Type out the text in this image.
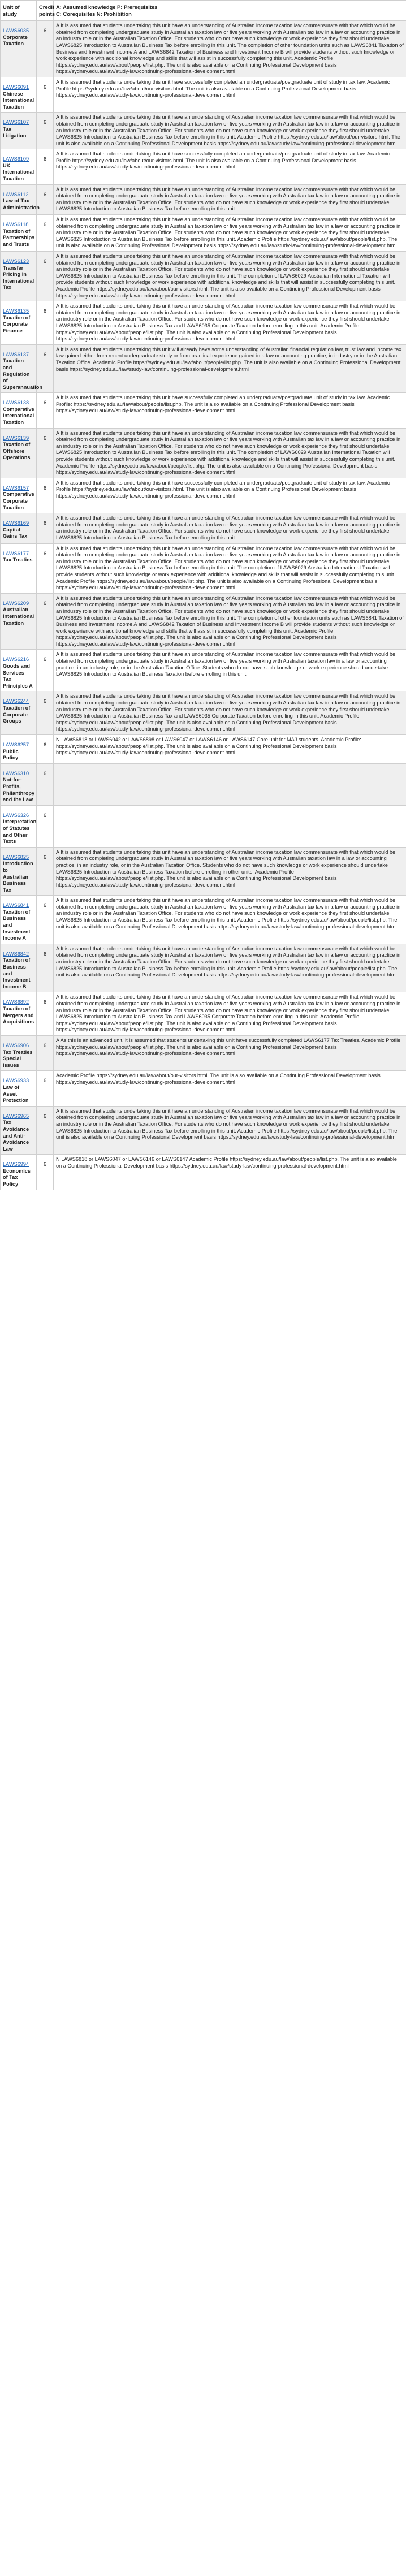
Unit of study	Credit points	A: Assumed knowledge P: Prerequisites
C: Corequisites N: Prohibition

LAWS6035
Corporate Taxation	6	A It is assumed that students undertaking this unit have an understanding of Australian income taxation law commensurate with that which would be obtained from completing undergraduate study in Australian taxation law or five years working with Australian tax law in a law or accounting practice in an industry role or in the Australian Taxation Office. For students who do not have such knowledge or work experience they first should undertake LAWS6825 Introduction to Australian Business Tax before enrolling in this unit. The completion of other foundation units such as LAWS6841 Taxation of Business and Investment Income A and LAWS6842 Taxation of Business and Investment Income B will provide students without such knowledge or work experience with additional knowledge and skills that will assist in successfully completing this unit. Academic Profile: https://sydney.edu.au/law/about/people/list.php. The unit is also available on a Continuing Professional Development basis https://sydney.edu.au/law/study-law/continuing-professional-development.html

LAWS6091
Chinese International Taxation	6	A It is assumed that students undertaking this unit have successfully completed an undergraduate/postgraduate unit of study in tax law. Academic Profile https://sydney.edu.au/law/about/our-visitors.html. The unit is also available on a Continuing Professional Development basis https://sydney.edu.au/law/study-law/continuing-professional-development.html

LAWS6107
Tax Litigation	6	A It is assumed that students undertaking this unit have an understanding of Australian income taxation law commensurate with that which would be obtained from completing undergraduate study in Australian taxation law or five years working with Australian tax law in a law or accounting practice in an industry role or in the Australian Taxation Office. For students who do not have such knowledge or work experience they first should undertake LAWS6825 Introduction to Australian Business Tax before enrolling in this unit. Academic Profile https://sydney.edu.au/law/about/our-visitors.html. The unit is also available on a Continuing Professional Development basis https://sydney.edu.au/law/study-law/continuing-professional-development.html

LAWS6109
UK International Taxation	6	A It is assumed that students undertaking this unit have successfully completed an undergraduate/postgraduate unit of study in tax law. Academic Profile https://sydney.edu.au/law/about/our-visitors.html. The unit is also available on a Continuing Professional Development basis https://sydney.edu.au/law/study-law/continuing-professional-development.html

LAWS6112
Law of Tax Administration	6	A It is assumed that students undertaking this unit have an understanding of Australian income taxation law commensurate with that which would be obtained from completing undergraduate study in Australian taxation law or five years working with Australian tax law in a law or accounting practice in an industry role or in the Australian Taxation Office. For students who do not have such knowledge or work experience they first should undertake LAWS6825 Introduction to Australian Business Tax before enrolling in this unit.

LAWS6118
Taxation of Partnerships and Trusts	6	A It is assumed that students undertaking this unit have an understanding of Australian income taxation law commensurate with that which would be obtained from completing undergraduate study in Australian taxation law or five years working with Australian tax law in a law or accounting practice in an industry role or in the Australian Taxation Office. For students who do not have such knowledge or work experience they first should undertake LAWS6825 Introduction to Australian Business Tax before enrolling in this unit. Academic Profile https://sydney.edu.au/law/about/people/list.php. The unit is also available on a Continuing Professional Development basis https://sydney.edu.au/law/study-law/continuing-professional-development.html

LAWS6123
Transfer Pricing in International Tax	6	A It is assumed that students undertaking this unit have an understanding of Australian income taxation law commensurate with that which would be obtained from completing undergraduate study in Australian taxation law or five years working with Australian tax law in a law or accounting practice in an industry role or in the Australian Taxation Office. For students who do not have such knowledge or work experience they first should undertake LAWS6825 Introduction to Australian Business Tax before enrolling in this unit. The completion of LAWS6029 Australian International Taxation will provide students without such knowledge or work experience with additional knowledge and skills that will assist in successfully completing this unit. Academic Profile https://sydney.edu.au/law/about/our-visitors.html. The unit is also available on a Continuing Professional Development basis https://sydney.edu.au/law/study-law/continuing-professional-development.html

LAWS6135
Taxation of Corporate Finance	6	A It is assumed that students undertaking this unit have an understanding of Australian income taxation law commensurate with that which would be obtained from completing undergraduate study in Australian taxation law or five years working with Australian tax law in a law or accounting practice in an industry role or in the Australian Taxation Office. For students who do not have such knowledge or work experience they first should undertake LAWS6825 Introduction to Australian Business Tax and LAWS6035 Corporate Taxation before enrolling in this unit. Academic Profile https://sydney.edu.au/law/about/people/list.php. The unit is also available on a Continuing Professional Development basis https://sydney.edu.au/law/study-law/continuing-professional-development.html

LAWS6137
Taxation and Regulation of Superannuation	6	A It is assumed that students undertaking this unit will already have some understanding of Australian financial regulation law, trust law and income tax law gained either from recent undergraduate study or from practical experience gained in a law or accounting practice, in industry or in the Australian Taxation Office. Academic Profile https://sydney.edu.au/law/about/people/list.php. The unit is also available on a Continuing Professional Development basis https://sydney.edu.au/law/study-law/continuing-professional-development.html

LAWS6138
Comparative International Taxation	6	A It is assumed that students undertaking this unit have successfully completed an undergraduate/postgraduate unit of study in tax law. Academic Profile: https://sydney.edu.au/law/about/people/list.php. The unit is also available on a Continuing Professional Development basis https://sydney.edu.au/law/study-law/continuing-professional-development.html

LAWS6139
Taxation of Offshore Operations	6	A It is assumed that students undertaking this unit have an understanding of Australian income taxation law commensurate with that which would be obtained from completing undergraduate study in Australian taxation law or five years working with Australian tax law in a law or accounting practice in an industry role or in the Australian Taxation Office. For students who do not have such knowledge or work experience they first should undertake LAWS6825 Introduction to Australian Business Tax before enrolling in this unit. The completion of LAWS6029 Australian International Taxation will provide students without such knowledge or work experience with additional knowledge and skills that will assist in successfully completing this unit. Academic Profile https://sydney.edu.au/law/about/people/list.php. The unit is also available on a Continuing Professional Development basis https://sydney.edu.au/law/study-law/continuing-professional-development.html

LAWS6157
Comparative Corporate Taxation	6	A It is assumed that students undertaking this unit have successfully completed an undergraduate/postgraduate unit of study in tax law. Academic Profile https://sydney.edu.au/law/about/our-visitors.html. The unit is also available on a Continuing Professional Development basis https://sydney.edu.au/law/study-law/continuing-professional-development.html

LAWS6169
Capital Gains Tax	6	A It is assumed that students undertaking this unit have an understanding of Australian income taxation law commensurate with that which would be obtained from completing undergraduate study in Australian taxation law or five years working with Australian tax law in a law or accounting practice in an industry role or in the Australian Taxation Office. For students who do not have such knowledge or work experience they first should undertake LAWS6825 Introduction to Australian Business Tax before enrolling in this unit.

LAWS6177
Tax Treaties	6	A It is assumed that students undertaking this unit have an understanding of Australian income taxation law commensurate with that which would be obtained from completing undergraduate study in Australian taxation law or five years working with Australian tax law in a law or accounting practice in an industry role or in the Australian Taxation Office. For students who do not have such knowledge or work experience they first should undertake LAWS6825 Introduction to Australian Business Tax before enrolling in this unit. The completion of LAWS6029 Australian International Taxation will provide students without such knowledge or work experience with additional knowledge and skills that will assist in successfully completing this unit. Academic Profile https://sydney.edu.au/law/about/people/list.php. The unit is also available on a Continuing Professional Development basis https://sydney.edu.au/law/study-law/continuing-professional-development.html

LAWS6209
Australian International Taxation	6	A It is assumed that students undertaking this unit have an understanding of Australian income taxation law commensurate with that which would be obtained from completing undergraduate study in Australian taxation law or five years working with Australian tax law in a law or accounting practice in an industry role or in the Australian Taxation Office. For students who do not have such knowledge or work experience they first should undertake LAWS6825 Introduction to Australian Business Tax before enrolling in this unit. The completion of other foundation units such as LAWS6841 Taxation of Business and Investment Income A and LAWS6842 Taxation of Business and Investment Income B will provide students without such knowledge or work experience with additional knowledge and skills that will assist in successfully completing this unit. Academic Profile https://sydney.edu.au/law/about/people/list.php. The unit is also available on a Continuing Professional Development basis https://sydney.edu.au/law/study-law/continuing-professional-development.html

LAWS6216
Goods and Services Tax Principles A	6	A It is assumed that students undertaking this unit have an understanding of Australian income taxation law commensurate with that which would be obtained from completing undergraduate study in Australian taxation law or five years working with Australian taxation law in a law or accounting practice, in an industry role, or in the Australian Taxation Office. Students who do not have such knowledge or work experience should undertake LAWS6825 Introduction to Australian Business Taxation before enrolling in this unit.

LAWS6244
Taxation of Corporate Groups	6	A It is assumed that students undertaking this unit have an understanding of Australian income taxation law commensurate with that which would be obtained from completing undergraduate study in Australian taxation law or five years working with Australian tax law in a law or accounting practice in an industry role or in the Australian Taxation Office. For students who do not have such knowledge or work experience they first should undertake LAWS6825 Introduction to Australian Business Tax and LAWS6035 Corporate Taxation before enrolling in this unit. Academic Profile https://sydney.edu.au/law/about/people/list.php. The unit is also available on a Continuing Professional Development basis https://sydney.edu.au/law/study-law/continuing-professional-development.html

LAWS6257
Public Policy	6	N LAWS6818 or LAWS6042 or LAWS6898 or LAWS6047 or LAWS6146 or LAWS6147 Core unit for MAJ students. Academic Profile: https://sydney.edu.au/law/about/people/list.php. The unit is also available on a Continuing Professional Development basis https://sydney.edu.au/law/study-law/continuing-professional-development.html

LAWS6310
Not-for-Profits, Philanthropy and the Law	6	

LAWS6326
Interpretation of Statutes and Other Texts	6	

LAWS6825
Introduction to Australian Business Tax	6	A It is assumed that students undertaking this unit have an understanding of Australian income taxation law commensurate with that which would be obtained from completing undergraduate study in Australian taxation law or five years working with Australian taxation law in a law or accounting practice, in an industry role, or in the Australian Taxation Office. Students who do not have such knowledge or work experience should undertake LAWS6825 Introduction to Australian Business Taxation before enrolling in other units. Academic Profile https://sydney.edu.au/law/about/people/list.php. The unit is also available on a Continuing Professional Development basis https://sydney.edu.au/law/study-law/continuing-professional-development.html

LAWS6841
Taxation of Business and Investment Income A	6	A It is assumed that students undertaking this unit have an understanding of Australian income taxation law commensurate with that which would be obtained from completing undergraduate study in Australian taxation law or five years working with Australian tax law in a law or accounting practice in an industry role or in the Australian Taxation Office. For students who do not have such knowledge or work experience they first should undertake LAWS6825 Introduction to Australian Business Tax before enrolling in this unit. Academic Profile https://sydney.edu.au/law/about/people/list.php. The unit is also available on a Continuing Professional Development basis https://sydney.edu.au/law/study-law/continuing-professional-development.html

LAWS6842
Taxation of Business and Investment Income B	6	A It is assumed that students undertaking this unit have an understanding of Australian income taxation law commensurate with that which would be obtained from completing undergraduate study in Australian taxation law or five years working with Australian tax law in a law or accounting practice in an industry role or in the Australian Taxation Office. For students who do not have such knowledge or work experience they first should undertake LAWS6825 Introduction to Australian Business Tax before enrolling in this unit. Academic Profile https://sydney.edu.au/law/about/people/list.php. The unit is also available on a Continuing Professional Development basis https://sydney.edu.au/law/study-law/continuing-professional-development.html

LAWS6892
Taxation of Mergers and Acquisitions	6	A It is assumed that students undertaking this unit have an understanding of Australian income taxation law commensurate with that which would be obtained from completing undergraduate study in Australian taxation law or five years working with Australian tax law in a law or accounting practice in an industry role or in the Australian Taxation Office. For students who do not have such knowledge or work experience they first should undertake LAWS6825 Introduction to Australian Business Tax and LAWS6035 Corporate Taxation before enrolling in this unit. Academic Profile https://sydney.edu.au/law/about/people/list.php. The unit is also available on a Continuing Professional Development basis https://sydney.edu.au/law/study-law/continuing-professional-development.html

LAWS6906
Tax Treaties Special Issues	6	A As this is an advanced unit, it is assumed that students undertaking this unit have successfully completed LAWS6177 Tax Treaties. Academic Profile https://sydney.edu.au/law/about/people/list.php. The unit is also available on a Continuing Professional Development basis https://sydney.edu.au/law/study-law/continuing-professional-development.html

LAWS6933
Law of Asset Protection	6	Academic Profile https://sydney.edu.au/law/about/our-visitors.html. The unit is also available on a Continuing Professional Development basis https://sydney.edu.au/law/study-law/continuing-professional-development.html

LAWS6965
Tax Avoidance and Anti-Avoidance Law	6	A It is assumed that students undertaking this unit have an understanding of Australian income taxation law commensurate with that which would be obtained from completing undergraduate study in Australian taxation law or five years working with Australian tax law in a law or accounting practice in an industry role or in the Australian Taxation Office. For students who do not have such knowledge or work experience they first should undertake LAWS6825 Introduction to Australian Business Tax before enrolling in this unit. Academic Profile https://sydney.edu.au/law/about/people/list.php. The unit is also available on a Continuing Professional Development basis https://sydney.edu.au/law/study-law/continuing-professional-development.html

LAWS6994
Economics of Tax Policy	6	N LAWS6818 or LAWS6047 or LAWS6146 or LAWS6147 Academic Profile https://sydney.edu.au/law/about/people/list.php. The unit is also available on a Continuing Professional Development basis https://sydney.edu.au/law/study-law/continuing-professional-development.html
